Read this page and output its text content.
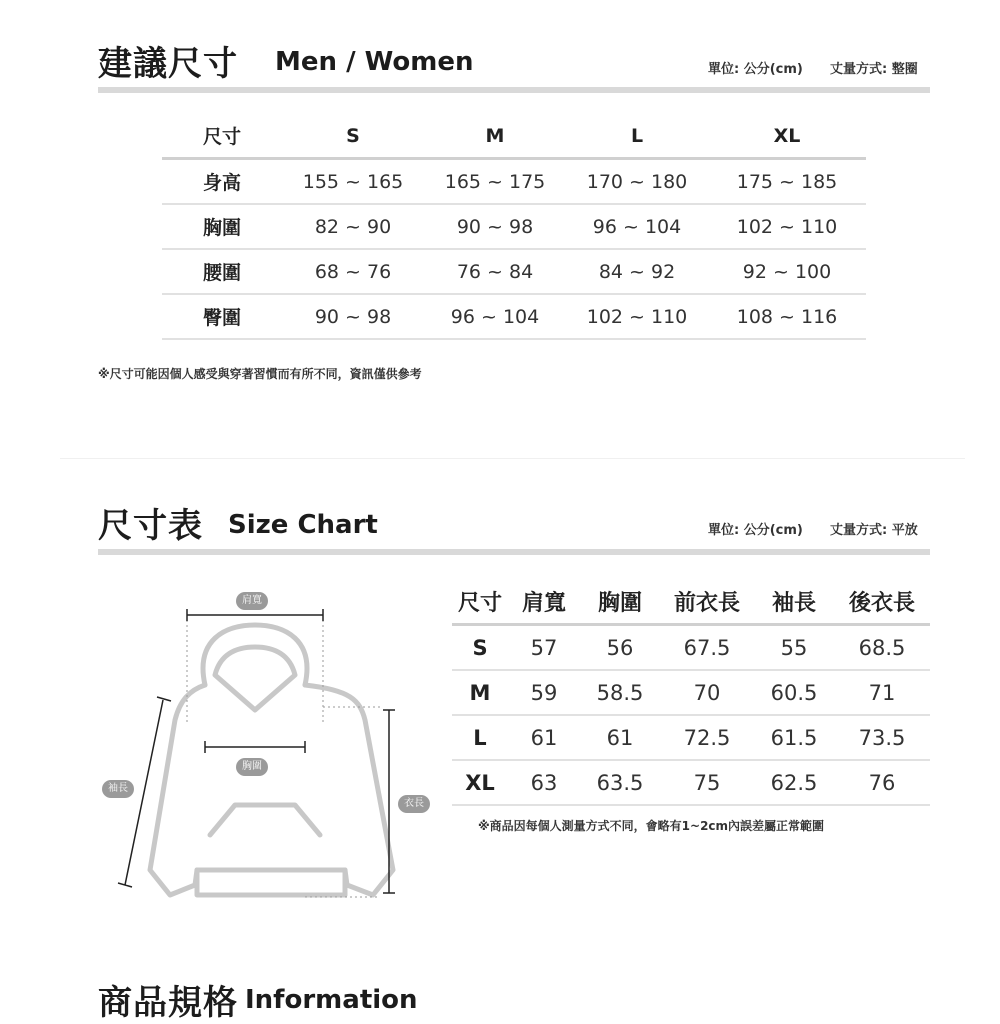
建議尺寸 Men / Women	單位: 公分(cm) 丈量方式: 整圈
尺寸	S	M	L	XL
身高	155 ~ 165	165 ~ 175	170 ~ 180	175 ~ 185
胸圍	82 ~ 90	90 ~ 98	96 ~ 104	102 ~ 110
腰圍	68 ~ 76	76 ~ 84	84 ~ 92	92 ~ 100
臀圍	90 ~ 98	96 ~ 104	102 ~ 110	108 ~ 116
※尺寸可能因個人感受與穿著習慣而有所不同，資訊僅供參考
尺寸表 Size Chart	單位: 公分(cm) 丈量方式: 平放
肩寬
胸圍
袖長
衣長
尺寸	肩寬	胸圍	前衣長	袖長	後衣長
S	57	56	67.5	55	68.5
M	59	58.5	70	60.5	71
L	61	61	72.5	61.5	73.5
XL	63	63.5	75	62.5	76
※商品因每個人測量方式不同，會略有1~2cm內誤差屬正常範圍
商品規格 Information
